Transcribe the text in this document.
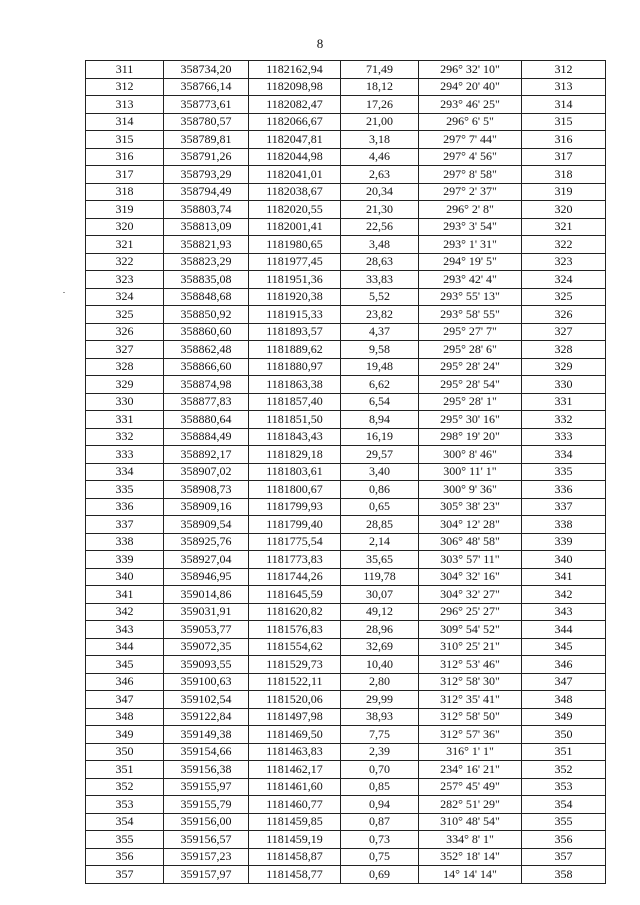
8
311	358734,20	1182162,94	71,49	296° 32' 10"	312
312	358766,14	1182098,98	18,12	294° 20' 40"	313
313	358773,61	1182082,47	17,26	293° 46' 25"	314
314	358780,57	1182066,67	21,00	296° 6' 5"	315
315	358789,81	1182047,81	3,18	297° 7' 44"	316
316	358791,26	1182044,98	4,46	297° 4' 56"	317
317	358793,29	1182041,01	2,63	297° 8' 58"	318
318	358794,49	1182038,67	20,34	297° 2' 37"	319
319	358803,74	1182020,55	21,30	296° 2' 8"	320
320	358813,09	1182001,41	22,56	293° 3' 54"	321
321	358821,93	1181980,65	3,48	293° 1' 31"	322
322	358823,29	1181977,45	28,63	294° 19' 5"	323
323	358835,08	1181951,36	33,83	293° 42' 4"	324
324	358848,68	1181920,38	5,52	293° 55' 13"	325
325	358850,92	1181915,33	23,82	293° 58' 55"	326
326	358860,60	1181893,57	4,37	295° 27' 7"	327
327	358862,48	1181889,62	9,58	295° 28' 6"	328
328	358866,60	1181880,97	19,48	295° 28' 24"	329
329	358874,98	1181863,38	6,62	295° 28' 54"	330
330	358877,83	1181857,40	6,54	295° 28' 1"	331
331	358880,64	1181851,50	8,94	295° 30' 16"	332
332	358884,49	1181843,43	16,19	298° 19' 20"	333
333	358892,17	1181829,18	29,57	300° 8' 46"	334
334	358907,02	1181803,61	3,40	300° 11' 1"	335
335	358908,73	1181800,67	0,86	300° 9' 36"	336
336	358909,16	1181799,93	0,65	305° 38' 23"	337
337	358909,54	1181799,40	28,85	304° 12' 28"	338
338	358925,76	1181775,54	2,14	306° 48' 58"	339
339	358927,04	1181773,83	35,65	303° 57' 11"	340
340	358946,95	1181744,26	119,78	304° 32' 16"	341
341	359014,86	1181645,59	30,07	304° 32' 27"	342
342	359031,91	1181620,82	49,12	296° 25' 27"	343
343	359053,77	1181576,83	28,96	309° 54' 52"	344
344	359072,35	1181554,62	32,69	310° 25' 21"	345
345	359093,55	1181529,73	10,40	312° 53' 46"	346
346	359100,63	1181522,11	2,80	312° 58' 30"	347
347	359102,54	1181520,06	29,99	312° 35' 41"	348
348	359122,84	1181497,98	38,93	312° 58' 50"	349
349	359149,38	1181469,50	7,75	312° 57' 36"	350
350	359154,66	1181463,83	2,39	316° 1' 1"	351
351	359156,38	1181462,17	0,70	234° 16' 21"	352
352	359155,97	1181461,60	0,85	257° 45' 49"	353
353	359155,79	1181460,77	0,94	282° 51' 29"	354
354	359156,00	1181459,85	0,87	310° 48' 54"	355
355	359156,57	1181459,19	0,73	334° 8' 1"	356
356	359157,23	1181458,87	0,75	352° 18' 14"	357
357	359157,97	1181458,77	0,69	14° 14' 14"	358
